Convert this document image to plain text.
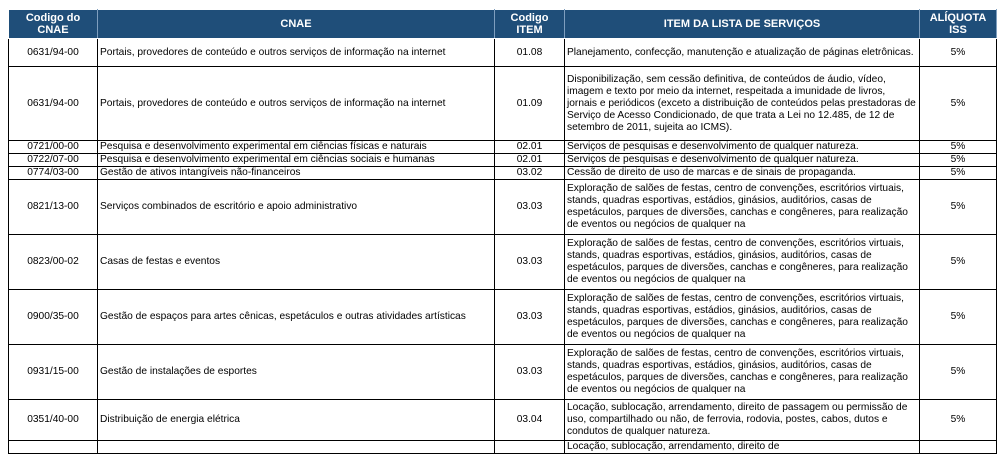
Codigo do CNAE	CNAE	Codigo ITEM	ITEM DA LISTA DE SERVIÇOS	ALÍQUOTA ISS
0631/94-00	Portais, provedores de conteúdo e outros serviços de informação na internet	01.08	Planejamento, confecção, manutenção e atualização de páginas eletrônicas.	5%
0631/94-00	Portais, provedores de conteúdo e outros serviços de informação na internet	01.09	Disponibilização, sem cessão definitiva, de conteúdos de áudio, vídeo, imagem e texto por meio da internet, respeitada a imunidade de livros, jornais e periódicos (exceto a distribuição de conteúdos pelas prestadoras de Serviço de Acesso Condicionado, de que trata a Lei no 12.485, de 12 de setembro de 2011, sujeita ao ICMS).	5%
0721/00-00	Pesquisa e desenvolvimento experimental em ciências físicas e naturais	02.01	Serviços de pesquisas e desenvolvimento de qualquer natureza.	5%
0722/07-00	Pesquisa e desenvolvimento experimental em ciências sociais e humanas	02.01	Serviços de pesquisas e desenvolvimento de qualquer natureza.	5%
0774/03-00	Gestão de ativos intangíveis não-financeiros	03.02	Cessão de direito de uso de marcas e de sinais de propaganda.	5%
0821/13-00	Serviços combinados de escritório e apoio administrativo	03.03	Exploração de salões de festas, centro de convenções, escritórios virtuais, stands, quadras esportivas, estádios, ginásios, auditórios, casas de espetáculos, parques de diversões, canchas e congêneres, para realização de eventos ou negócios de qualquer na	5%
0823/00-02	Casas de festas e eventos	03.03	Exploração de salões de festas, centro de convenções, escritórios virtuais, stands, quadras esportivas, estádios, ginásios, auditórios, casas de espetáculos, parques de diversões, canchas e congêneres, para realização de eventos ou negócios de qualquer na	5%
0900/35-00	Gestão de espaços para artes cênicas, espetáculos e outras atividades artísticas	03.03	Exploração de salões de festas, centro de convenções, escritórios virtuais, stands, quadras esportivas, estádios, ginásios, auditórios, casas de espetáculos, parques de diversões, canchas e congêneres, para realização de eventos ou negócios de qualquer na	5%
0931/15-00	Gestão de instalações de esportes	03.03	Exploração de salões de festas, centro de convenções, escritórios virtuais, stands, quadras esportivas, estádios, ginásios, auditórios, casas de espetáculos, parques de diversões, canchas e congêneres, para realização de eventos ou negócios de qualquer na	5%
0351/40-00	Distribuição de energia elétrica	03.04	Locação, sublocação, arrendamento, direito de passagem ou permissão de uso, compartilhado ou não, de ferrovia, rodovia, postes, cabos, dutos e condutos de qualquer natureza.	5%
			Locação, sublocação, arrendamento, direito de	
